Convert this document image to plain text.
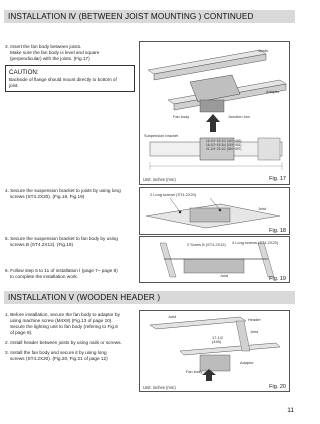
INSTALLATION Ⅳ (BETWEEN JOIST MOUNTING ) CONTINUED
3. Insert the fan body between joists.
Make sure the fan body is level and square
(perpendicular) with the joists. (Fig.17)
CAUTION:
Backside of flange should mount directly to bottom of
joist.
Joists
Adaptor
Fan body	Junction box
Suspension bracket
16-1/4~18-1/2 (410~466)
16-1/2~18-3/4 (419~481)
21-1/4~23-1/2 (540~597)
Unit: inches (mm)	Fig. 17
4. Secure the suspension bracket to joists by using long
screws (ST4.2X20). (Fig.18, Fig.19)	2 Long screws (ST4.2X20)
Joist
Fig. 18
5. Secure the suspension bracket to fan body by using
screws B (ST4.2X12). (Fig.19)
6. Follow step 5 to 11 of installation Ⅰ (page 7~ page 8)
to complete the installation work.
2 Screw B (ST4.2X12) 4 Long screws (ST4.2X20)
Joist
Fig. 19
INSTALLATION Ⅴ (WOODEN HEADER )
1. Before installation, secure the fan body to adaptor by
using machine screw (M4X8) (Fig.13 of page 10).
Secure the lighting unit to fan body (refering to Fig.6
of page 8).
2. Install header between joists by using nails or screws.
3. Install the fan body and secure it by using long
screws (ST4.2X20). (Fig.20, Fig.21 of page 12)
Joist
Header
Joist
17-1/2
(445)
Adaptor
Fan body
Unit: inches (mm)	Fig. 20
11
